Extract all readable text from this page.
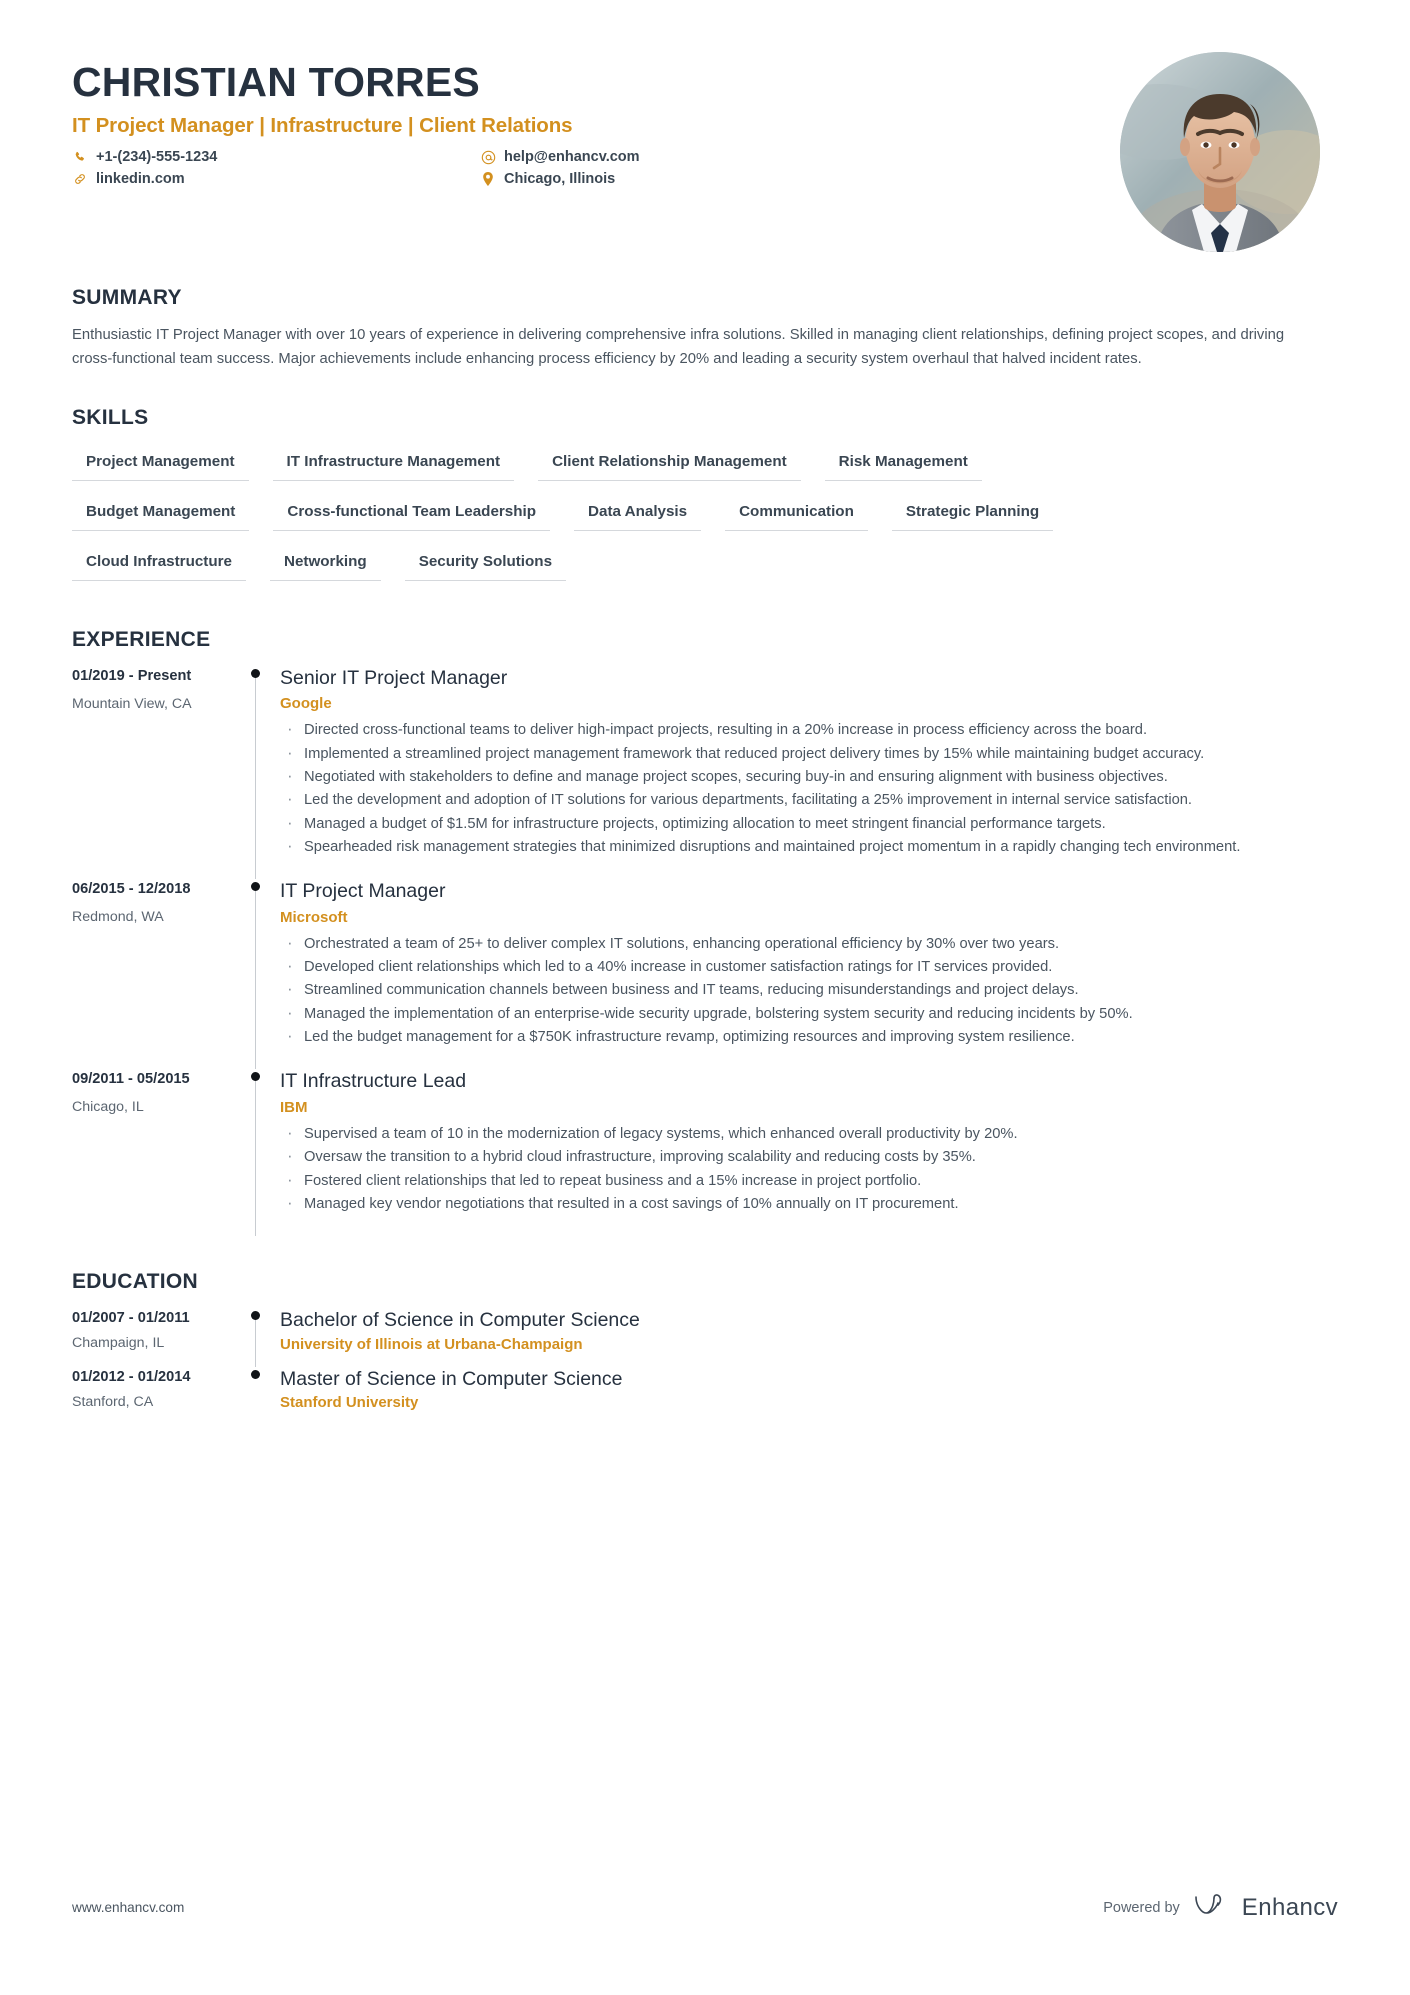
CHRISTIAN TORRES
IT Project Manager | Infrastructure | Client Relations
+1-(234)-555-1234	help@enhancv.com
linkedin.com	Chicago, Illinois
SUMMARY
Enthusiastic IT Project Manager with over 10 years of experience in delivering comprehensive infra solutions. Skilled in managing client relationships, defining project scopes, and driving cross-functional team success. Major achievements include enhancing process efficiency by 20% and leading a security system overhaul that halved incident rates.
SKILLS
Project Management	IT Infrastructure Management	Client Relationship Management	Risk Management
Budget Management	Cross-functional Team Leadership	Data Analysis	Communication	Strategic Planning
Cloud Infrastructure	Networking	Security Solutions
EXPERIENCE
01/2019 - Present
Mountain View, CA
Senior IT Project Manager
Google
· Directed cross-functional teams to deliver high-impact projects, resulting in a 20% increase in process efficiency across the board.
· Implemented a streamlined project management framework that reduced project delivery times by 15% while maintaining budget accuracy.
· Negotiated with stakeholders to define and manage project scopes, securing buy-in and ensuring alignment with business objectives.
· Led the development and adoption of IT solutions for various departments, facilitating a 25% improvement in internal service satisfaction.
· Managed a budget of $1.5M for infrastructure projects, optimizing allocation to meet stringent financial performance targets.
· Spearheaded risk management strategies that minimized disruptions and maintained project momentum in a rapidly changing tech environment.
06/2015 - 12/2018
Redmond, WA
IT Project Manager
Microsoft
· Orchestrated a team of 25+ to deliver complex IT solutions, enhancing operational efficiency by 30% over two years.
· Developed client relationships which led to a 40% increase in customer satisfaction ratings for IT services provided.
· Streamlined communication channels between business and IT teams, reducing misunderstandings and project delays.
· Managed the implementation of an enterprise-wide security upgrade, bolstering system security and reducing incidents by 50%.
· Led the budget management for a $750K infrastructure revamp, optimizing resources and improving system resilience.
09/2011 - 05/2015
Chicago, IL
IT Infrastructure Lead
IBM
· Supervised a team of 10 in the modernization of legacy systems, which enhanced overall productivity by 20%.
· Oversaw the transition to a hybrid cloud infrastructure, improving scalability and reducing costs by 35%.
· Fostered client relationships that led to repeat business and a 15% increase in project portfolio.
· Managed key vendor negotiations that resulted in a cost savings of 10% annually on IT procurement.
EDUCATION
01/2007 - 01/2011
Champaign, IL
Bachelor of Science in Computer Science
University of Illinois at Urbana-Champaign
01/2012 - 01/2014
Stanford, CA
Master of Science in Computer Science
Stanford University
www.enhancv.com	Powered by	Enhancv
